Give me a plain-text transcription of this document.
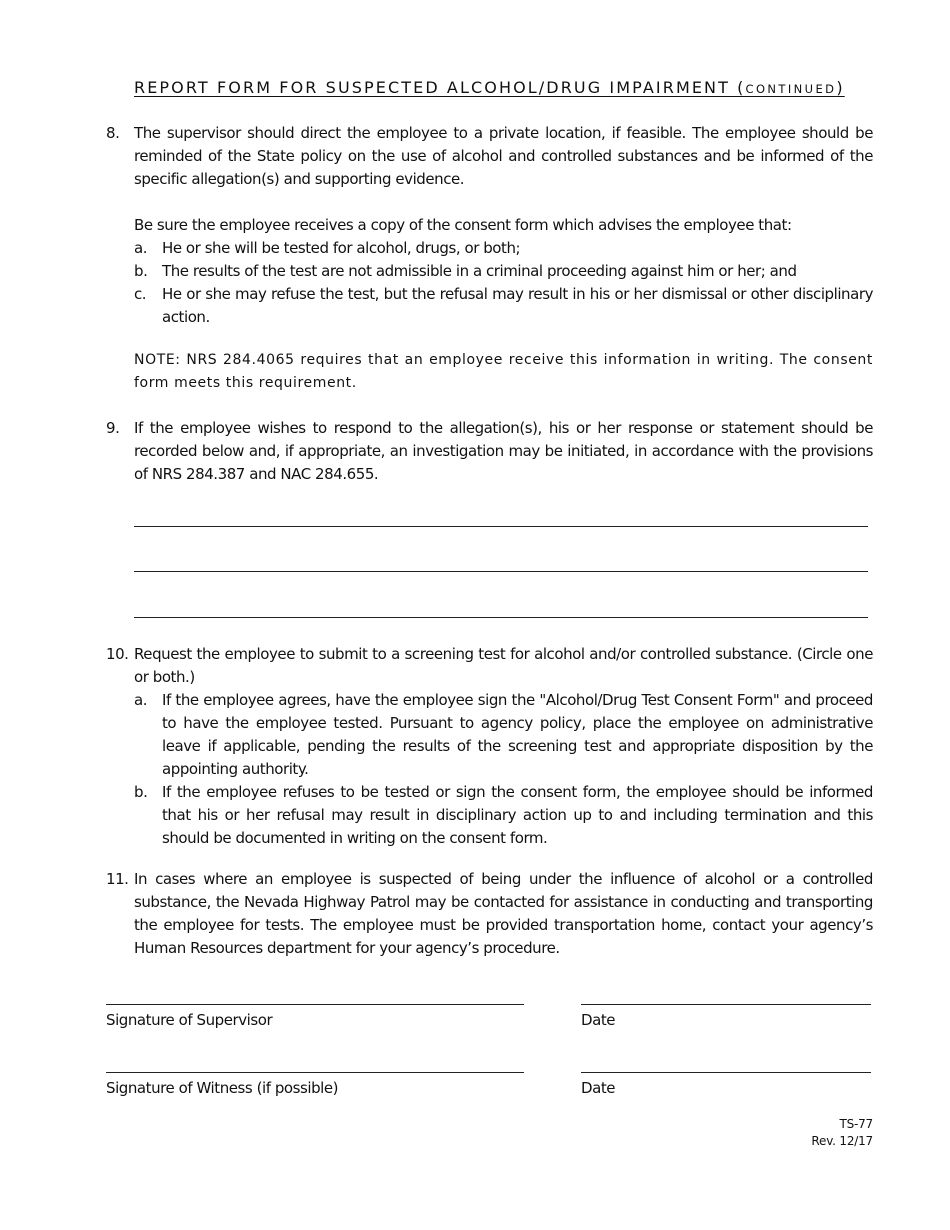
REPORT FORM FOR SUSPECTED ALCOHOL/DRUG IMPAIRMENT (CONTINUED)
8. The supervisor should direct the employee to a private location, if feasible. The employee should be reminded of the State policy on the use of alcohol and controlled substances and be informed of the specific allegation(s) and supporting evidence.

Be sure the employee receives a copy of the consent form which advises the employee that:

a. He or she will be tested for alcohol, drugs, or both;
b. The results of the test are not admissible in a criminal proceeding against him or her; and
c. He or she may refuse the test, but the refusal may result in his or her dismissal or other disciplinary action.
NOTE: NRS 284.4065 requires that an employee receive this information in writing. The consent form meets this requirement.
9. If the employee wishes to respond to the allegation(s), his or her response or statement should be recorded below and, if appropriate, an investigation may be initiated, in accordance with the provisions of NRS 284.387 and NAC 284.655.

10. Request the employee to submit to a screening test for alcohol and/or controlled substance. (Circle one or both.)

a. If the employee agrees, have the employee sign the "Alcohol/Drug Test Consent Form" and proceed to have the employee tested. Pursuant to agency policy, place the employee on administrative leave if applicable, pending the results of the screening test and appropriate disposition by the appointing authority.
b. If the employee refuses to be tested or sign the consent form, the employee should be informed that his or her refusal may result in disciplinary action up to and including termination and this should be documented in writing on the consent form.
11. In cases where an employee is suspected of being under the influence of alcohol or a controlled substance, the Nevada Highway Patrol may be contacted for assistance in conducting and transporting the employee for tests. The employee must be provided transportation home, contact your agency’s Human Resources department for your agency’s procedure.

Signature of Supervisor	Date
Signature of Witness (if possible)	Date
TS-77
Rev. 12/17
